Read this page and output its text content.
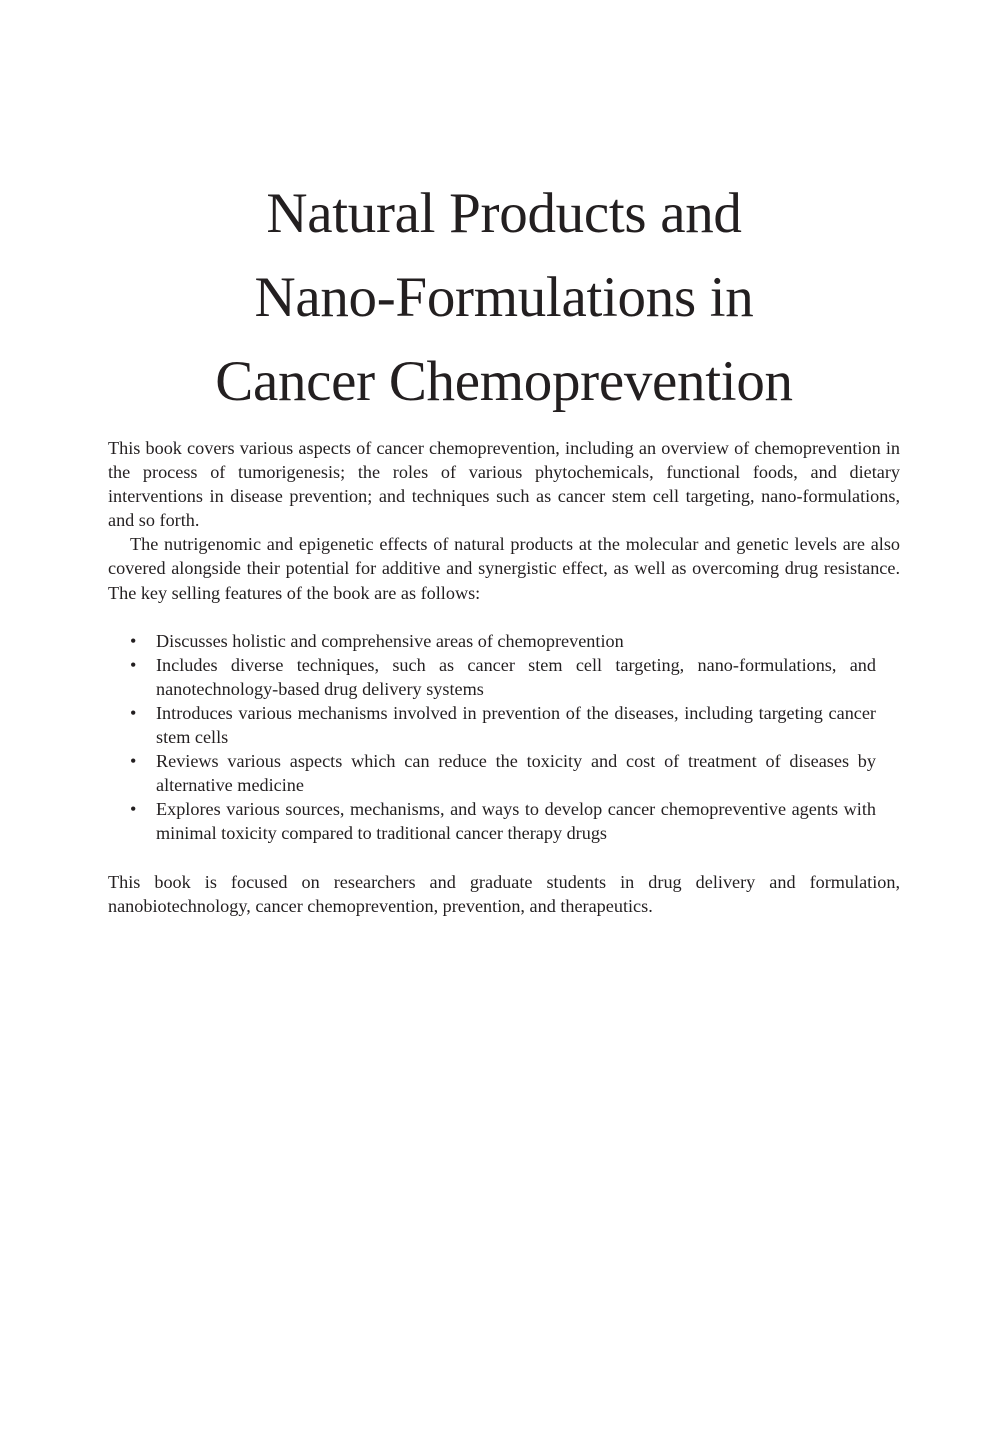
Natural Products and
Nano-Formulations in
Cancer Chemoprevention

This book covers various aspects of cancer chemoprevention, including an overview of chemoprevention in the process of tumorigenesis; the roles of various phytochemicals, functional foods, and dietary interventions in disease prevention; and techniques such as cancer stem cell targeting, nano-formulations, and so forth.

The nutrigenomic and epigenetic effects of natural products at the molecular and genetic levels are also covered alongside their potential for additive and synergistic effect, as well as overcoming drug resistance. The key selling features of the book are as follows:

• Discusses holistic and comprehensive areas of chemoprevention
• Includes diverse techniques, such as cancer stem cell targeting, nano-formulations, and nanotechnology-based drug delivery systems
• Introduces various mechanisms involved in prevention of the diseases, including targeting cancer stem cells
• Reviews various aspects which can reduce the toxicity and cost of treatment of diseases by alternative medicine
• Explores various sources, mechanisms, and ways to develop cancer chemopreventive agents with minimal toxicity compared to traditional cancer therapy drugs

This book is focused on researchers and graduate students in drug delivery and formulation, nanobiotechnology, cancer chemoprevention, prevention, and therapeutics.
